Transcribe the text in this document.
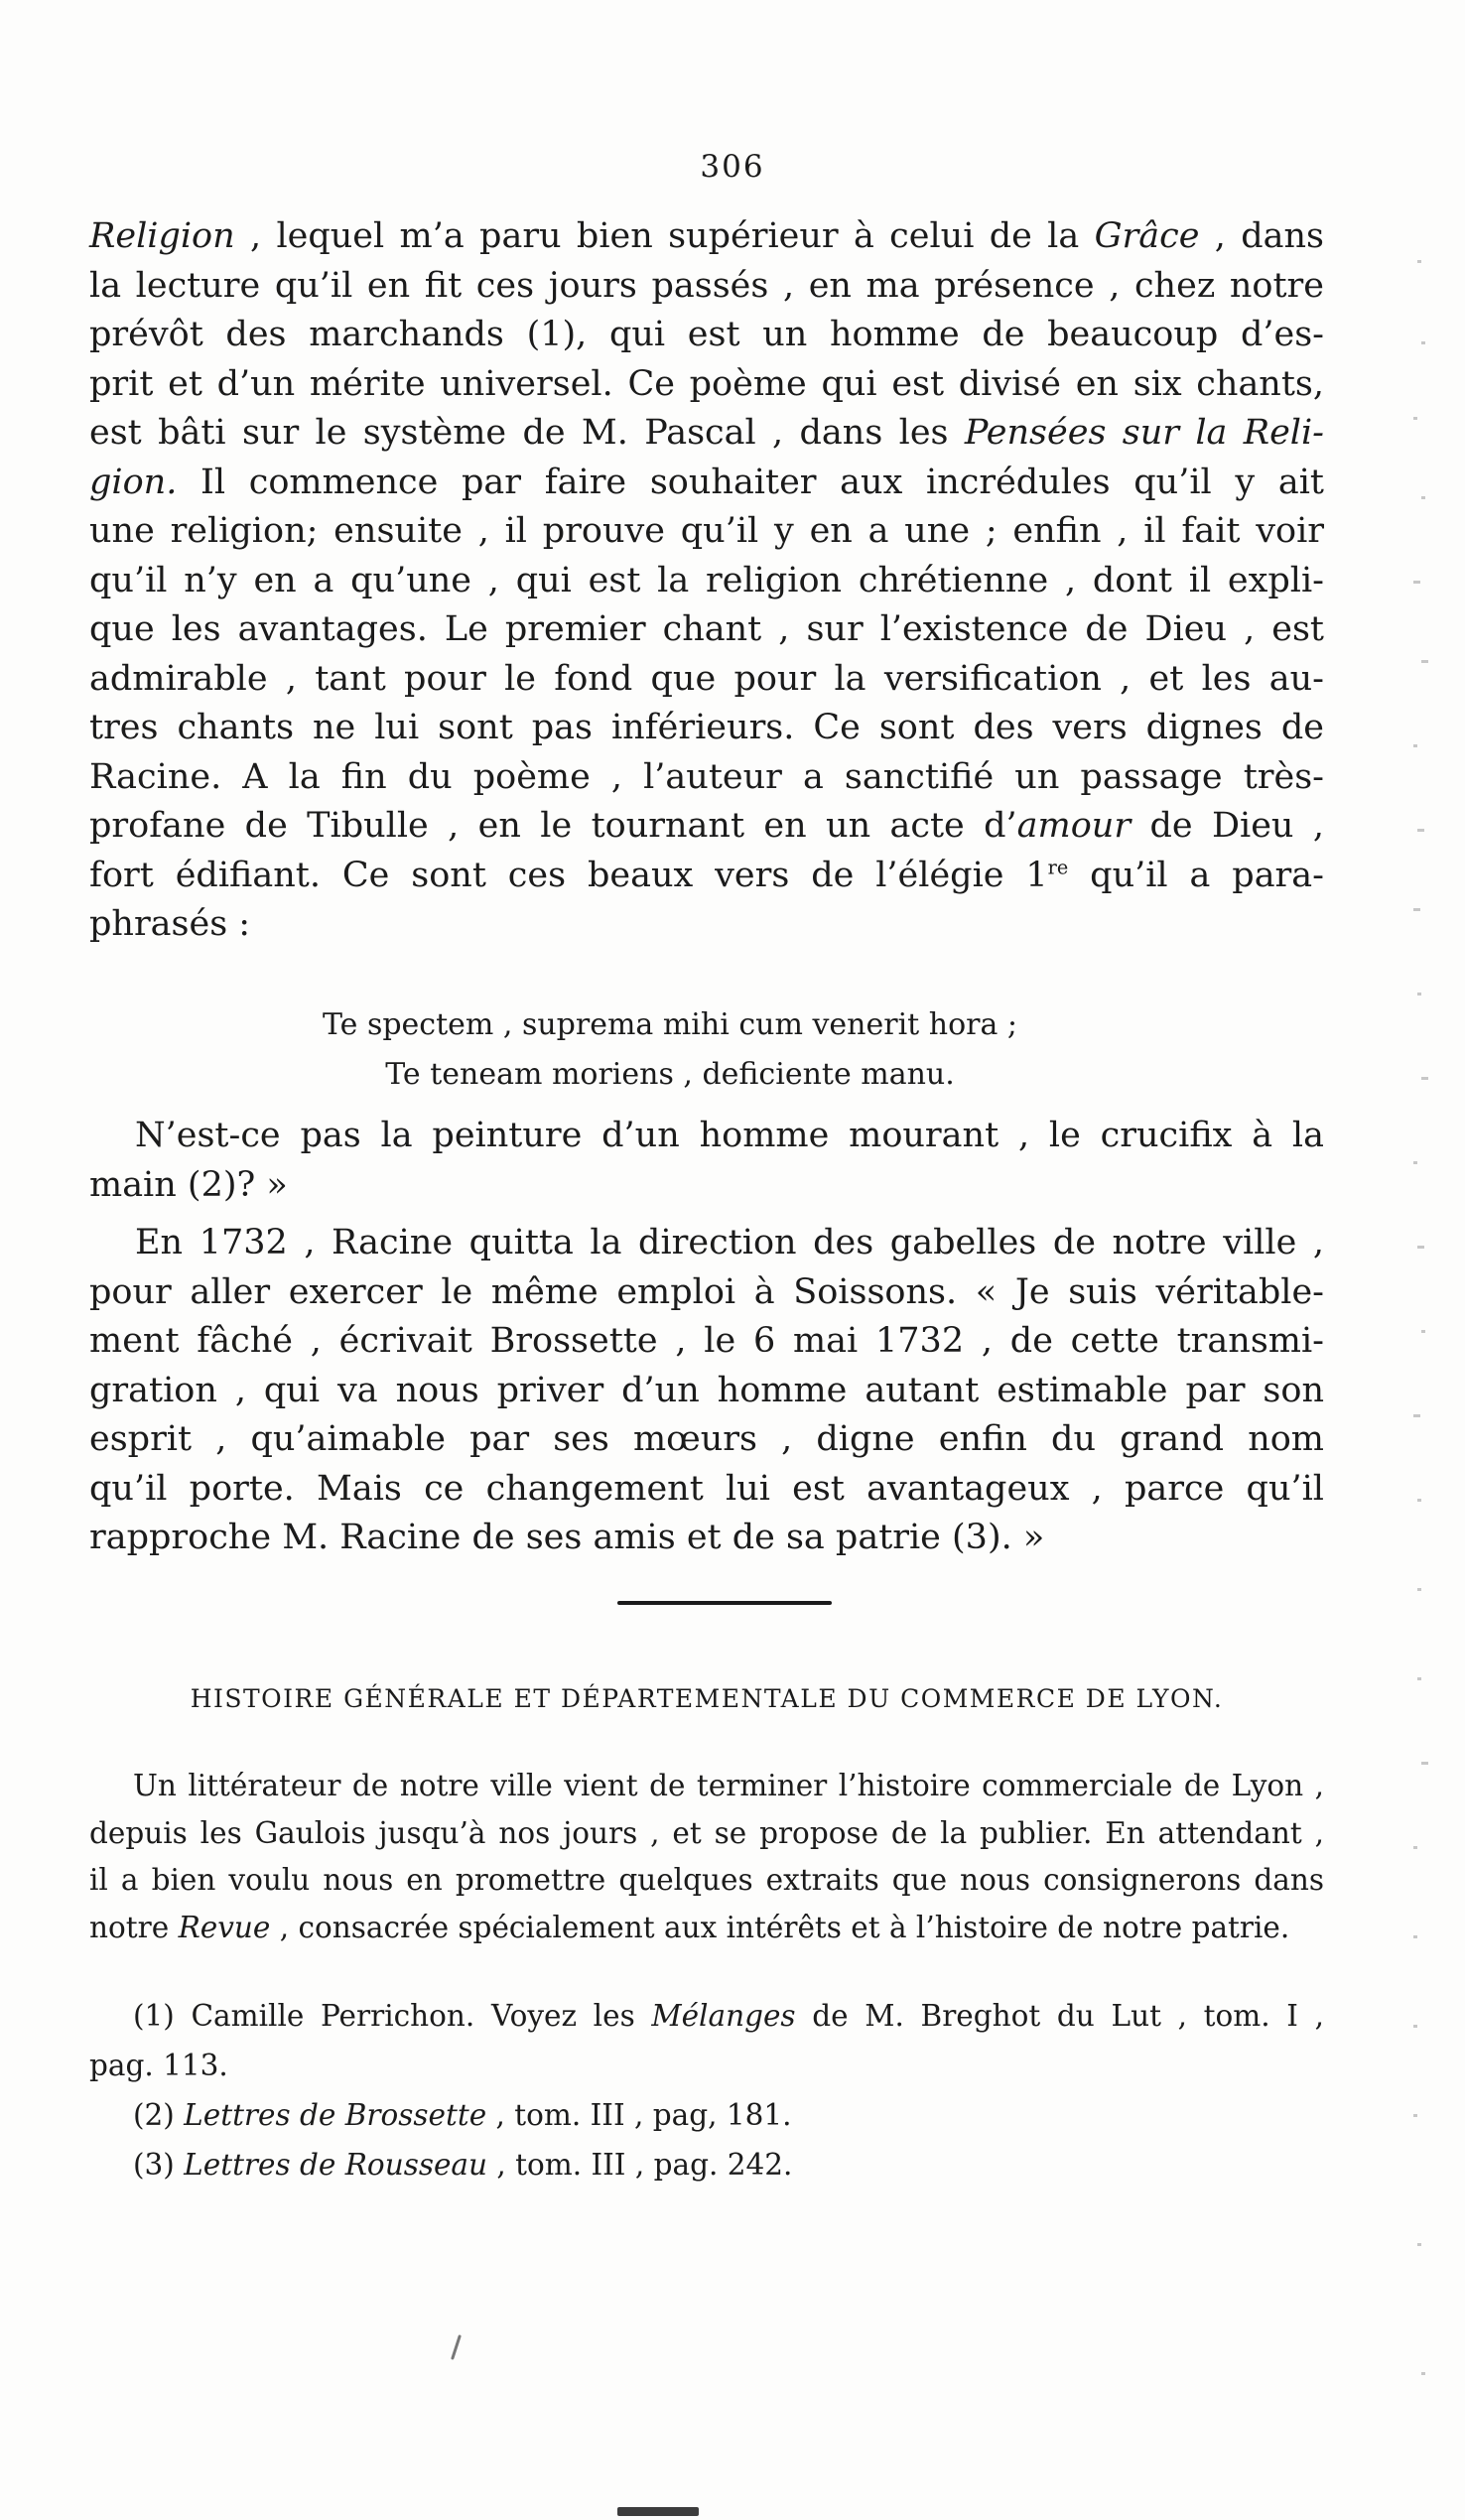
306
Religion , lequel m’a paru bien supérieur à celui de la Grâce , dans
la lecture qu’il en fit ces jours passés , en ma présence , chez notre
prévôt des marchands (1), qui est un homme de beaucoup d’es-
prit et d’un mérite universel. Ce poème qui est divisé en six chants,
est bâti sur le système de M. Pascal , dans les Pensées sur la Reli-
gion. Il commence par faire souhaiter aux incrédules qu’il y ait
une religion; ensuite , il prouve qu’il y en a une ; enfin , il fait voir
qu’il n’y en a qu’une , qui est la religion chrétienne , dont il expli-
que les avantages. Le premier chant , sur l’existence de Dieu , est
admirable , tant pour le fond que pour la versification , et les au-
tres chants ne lui sont pas inférieurs. Ce sont des vers dignes de
Racine. A la fin du poème , l’auteur a sanctifié un passage très-
profane de Tibulle , en le tournant en un acte d’amour de Dieu ,
fort édifiant. Ce sont ces beaux vers de l’élégie 1re qu’il a para-
phrasés :
Te spectem , suprema mihi cum venerit hora ;
Te teneam moriens , deficiente manu.
N’est-ce pas la peinture d’un homme mourant , le crucifix à la
main (2)? »
En 1732 , Racine quitta la direction des gabelles de notre ville ,
pour aller exercer le même emploi à Soissons. « Je suis véritable-
ment fâché , écrivait Brossette , le 6 mai 1732 , de cette transmi-
gration , qui va nous priver d’un homme autant estimable par son
esprit , qu’aimable par ses mœurs , digne enfin du grand nom
qu’il porte. Mais ce changement lui est avantageux , parce qu’il
rapproche M. Racine de ses amis et de sa patrie (3). »
HISTOIRE GÉNÉRALE ET DÉPARTEMENTALE DU COMMERCE DE LYON.
Un littérateur de notre ville vient de terminer l’histoire commerciale de Lyon ,
depuis les Gaulois jusqu’à nos jours , et se propose de la publier. En attendant ,
il a bien voulu nous en promettre quelques extraits que nous consignerons dans
notre Revue , consacrée spécialement aux intérêts et à l’histoire de notre patrie.
(1) Camille Perrichon. Voyez les Mélanges de M. Breghot du Lut , tom. I ,
pag. 113.
(2) Lettres de Brossette , tom. III , pag, 181.
(3) Lettres de Rousseau , tom. III , pag. 242.
